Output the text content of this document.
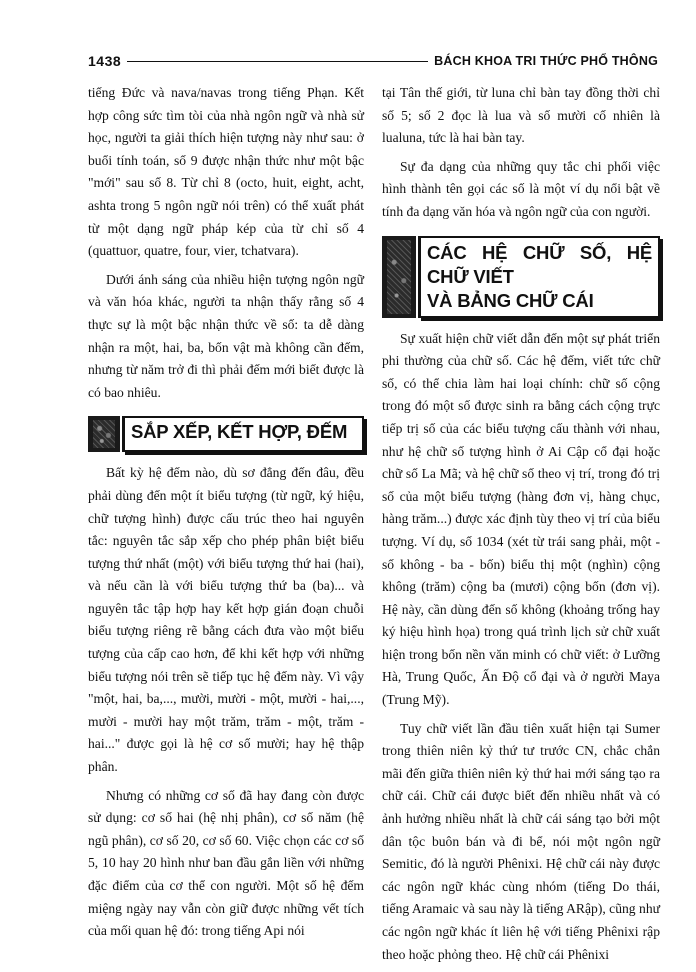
1438	BÁCH KHOA TRI THỨC PHỔ THÔNG

tiếng Đức và nava/navas trong tiếng Phạn. Kết hợp công sức tìm tòi của nhà ngôn ngữ và nhà sử học, người ta giải thích hiện tượng này như sau: ở buổi tính toán, số 9 được nhận thức như một bậc "mới" sau số 8. Từ chỉ 8 (octo, huit, eight, acht, ashta trong 5 ngôn ngữ nói trên) có thể xuất phát từ một dạng ngữ pháp kép của từ chỉ số 4 (quattuor, quatre, four, vier, tchatvara).

Dưới ánh sáng của nhiều hiện tượng ngôn ngữ và văn hóa khác, người ta nhận thấy rằng số 4 thực sự là một bậc nhận thức về số: ta dễ dàng nhận ra một, hai, ba, bốn vật mà không cần đếm, nhưng từ năm trở đi thì phải đếm mới biết được là có bao nhiêu.

SẮP XẾP, KẾT HỢP, ĐẾM

Bất kỳ hệ đếm nào, dù sơ đẳng đến đâu, đều phải dùng đến một ít biểu tượng (từ ngữ, ký hiệu, chữ tượng hình) được cấu trúc theo hai nguyên tắc: nguyên tắc sắp xếp cho phép phân biệt biểu tượng thứ nhất (một) với biểu tượng thứ hai (hai), và nếu cần là với biểu tượng thứ ba (ba)... và nguyên tắc tập hợp hay kết hợp gián đoạn chuỗi biểu tượng riêng rẽ bằng cách đưa vào một biểu tượng của cấp cao hơn, để khi kết hợp với những biểu tượng nói trên sẽ tiếp tục hệ đếm này. Vì vậy "một, hai, ba,..., mười, mười - một, mười - hai,..., mười - mười hay một trăm, trăm - một, trăm - hai..." được gọi là hệ cơ số mười; hay hệ thập phân.

Nhưng có những cơ số đã hay đang còn được sử dụng: cơ số hai (hệ nhị phân), cơ số năm (hệ ngũ phân), cơ số 20, cơ số 60. Việc chọn các cơ số 5, 10 hay 20 hình như ban đầu gắn liền với những đặc điểm của cơ thể con người. Một số hệ đếm miệng ngày nay vẫn còn giữ được những vết tích của mối quan hệ đó: trong tiếng Api nói

tại Tân thế giới, từ luna chỉ bàn tay đồng thời chỉ số 5; số 2 đọc là lua và số mười cố nhiên là lualuna, tức là hai bàn tay.

Sự đa dạng của những quy tắc chi phối việc hình thành tên gọi các số là một ví dụ nổi bật về tính đa dạng văn hóa và ngôn ngữ của con người.

CÁC HỆ CHỮ SỐ, HỆ CHỮ VIẾT
VÀ BẢNG CHỮ CÁI

Sự xuất hiện chữ viết dẫn đến một sự phát triển phi thường của chữ số. Các hệ đếm, viết tức chữ số, có thể chia làm hai loại chính: chữ số cộng trong đó một số được sinh ra bằng cách cộng trực tiếp trị số của các biểu tượng cấu thành với nhau, như hệ chữ số tượng hình ở Ai Cập cổ đại hoặc chữ số La Mã; và hệ chữ số theo vị trí, trong đó trị số của một biểu tượng (hàng đơn vị, hàng chục, hàng trăm...) được xác định tùy theo vị trí của biểu tượng. Ví dụ, số 1034 (xét từ trái sang phải, một - số không - ba - bốn) biểu thị một (nghìn) cộng không (trăm) cộng ba (mươi) cộng bốn (đơn vị). Hệ này, cần dùng đến số không (khoảng trống hay ký hiệu hình họa) trong quá trình lịch sử chữ xuất hiện trong bốn nền văn minh có chữ viết: ở Lưỡng Hà, Trung Quốc, Ấn Độ cổ đại và ở người Maya (Trung Mỹ).

Tuy chữ viết lần đầu tiên xuất hiện tại Sumer trong thiên niên kỷ thứ tư trước CN, chắc chắn mãi đến giữa thiên niên kỷ thứ hai mới sáng tạo ra chữ cái. Chữ cái được biết đến nhiều nhất và có ảnh hưởng nhiều nhất là chữ cái sáng tạo bởi một dân tộc buôn bán và đi bể, nói một ngôn ngữ Semitic, đó là người Phênixi. Hệ chữ cái này được các ngôn ngữ khác cùng nhóm (tiếng Do thái, tiếng Aramaic và sau này là tiếng ARập), cũng như các ngôn ngữ khác ít liên hệ với tiếng Phênixi rập theo hoặc phỏng theo. Hệ chữ cái Phênixi
